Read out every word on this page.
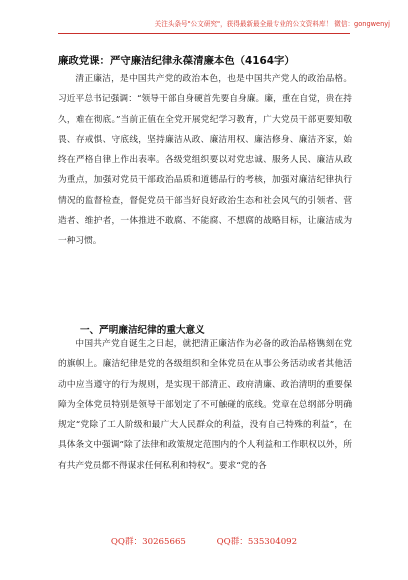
关注头条号"公文研究"，获得最新最全最专业的公文资料库！ 微信：gongwenyj
廉政党课：严守廉洁纪律永葆清廉本色（4164字）

清正廉洁，是中国共产党的政治本色，也是中国共产党人的政治品格。习近平总书记强调：“领导干部自身硬首先要自身廉。廉，重在自觉，贵在持久，难在彻底。”当前正值在全党开展党纪学习教育，广大党员干部更要知敬畏、存戒惧、守底线，坚持廉洁从政、廉洁用权、廉洁修身、廉洁齐家，始终在严格自律上作出表率。各级党组织要以对党忠诚、服务人民、廉洁从政为重点，加强对党员干部政治品质和道德品行的考核，加强对廉洁纪律执行情况的监督检查，督促党员干部当好良好政治生态和社会风气的引领者、营造者、维护者，一体推进不敢腐、不能腐、不想腐的战略目标，让廉洁成为一种习惯。

一、严明廉洁纪律的重大意义

中国共产党自诞生之日起，就把清正廉洁作为必备的政治品格镌刻在党的旗帜上。廉洁纪律是党的各级组织和全体党员在从事公务活动或者其他活动中应当遵守的行为规则，是实现干部清正、政府清廉、政治清明的重要保障为全体党员特别是领导干部划定了不可触碰的底线。党章在总纲部分明确规定“党除了工人阶级和最广大人民群众的利益，没有自己特殊的利益”，在具体条文中强调“除了法律和政策规定范围内的个人利益和工作职权以外，所有共产党员都不得谋求任何私利和特权”。要求“党的各

QQ群：30265665	QQ群：535304092
